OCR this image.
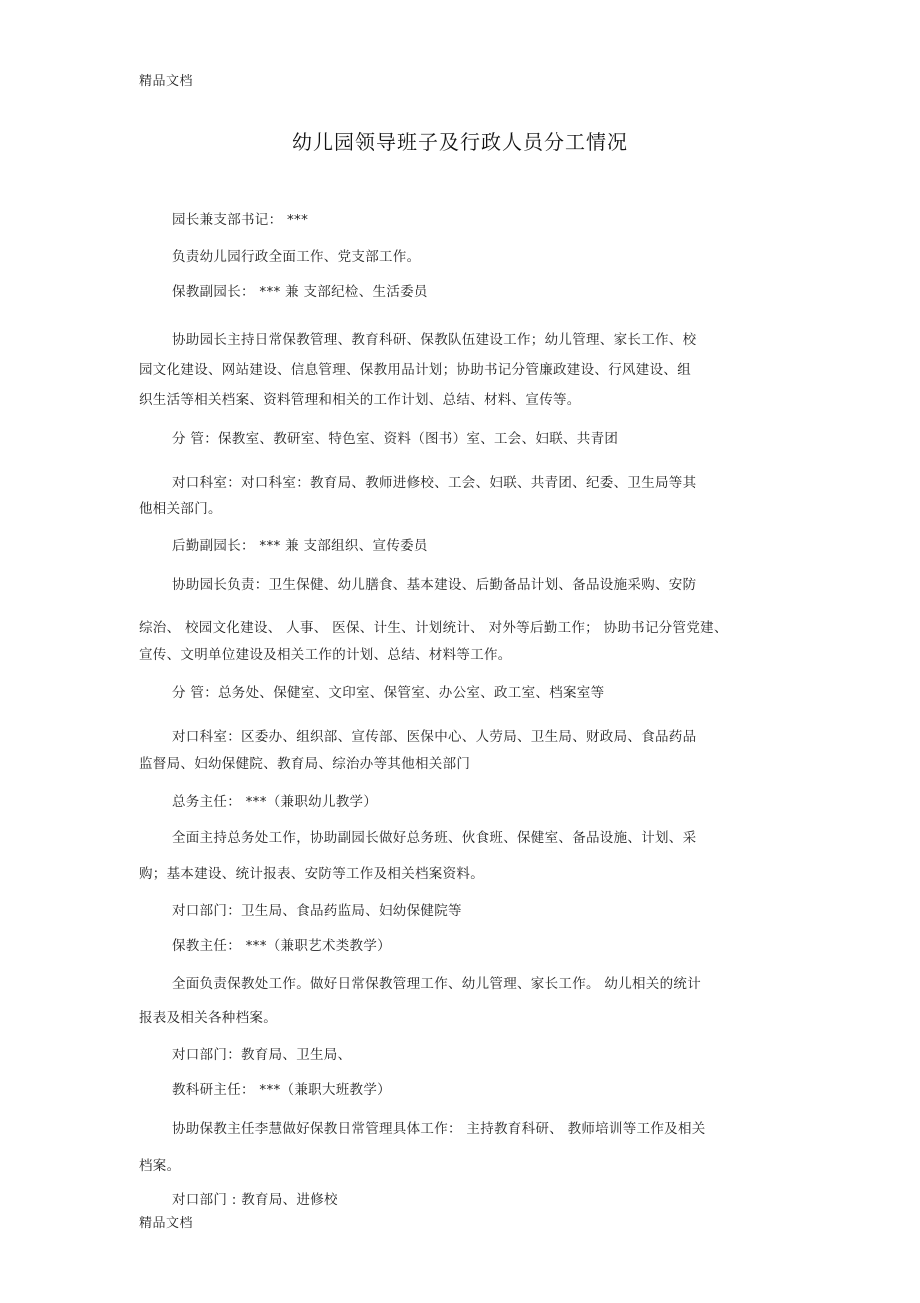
精品文档
幼儿园领导班子及行政人员分工情况
园长兼支部书记： ***
负责幼儿园行政全面工作、党支部工作。
保教副园长： *** 兼 支部纪检、生活委员
协助园长主持日常保教管理、教育科研、保教队伍建设工作；幼儿管理、家长工作、校
园文化建设、网站建设、信息管理、保教用品计划；协助书记分管廉政建设、行风建设、组
织生活等相关档案、资料管理和相关的工作计划、总结、材料、宣传等。
分 管：保教室、教研室、特色室、资料（图书）室、工会、妇联、共青团
对口科室：对口科室：教育局、教师进修校、工会、妇联、共青团、纪委、卫生局等其
他相关部门。
后勤副园长： *** 兼 支部组织、宣传委员
协助园长负责：卫生保健、幼儿膳食、基本建设、后勤备品计划、备品设施采购、安防
综治、 校园文化建设、 人事、 医保、计生、计划统计、 对外等后勤工作； 协助书记分管党建、
宣传、文明单位建设及相关工作的计划、总结、材料等工作。
分 管：总务处、保健室、文印室、保管室、办公室、政工室、档案室等
对口科室：区委办、组织部、宣传部、医保中心、人劳局、卫生局、财政局、食品药品
监督局、妇幼保健院、教育局、综治办等其他相关部门
总务主任： ***（兼职幼儿教学）
全面主持总务处工作，协助副园长做好总务班、伙食班、保健室、备品设施、计划、采
购；基本建设、统计报表、安防等工作及相关档案资料。
对口部门：卫生局、食品药监局、妇幼保健院等
保教主任： ***（兼职艺术类教学）
全面负责保教处工作。做好日常保教管理工作、幼儿管理、家长工作。 幼儿相关的统计
报表及相关各种档案。
对口部门：教育局、卫生局、
教科研主任： ***（兼职大班教学）
协助保教主任李慧做好保教日常管理具体工作： 主持教育科研、 教师培训等工作及相关
档案。
对口部门 : 教育局、进修校
精品文档
